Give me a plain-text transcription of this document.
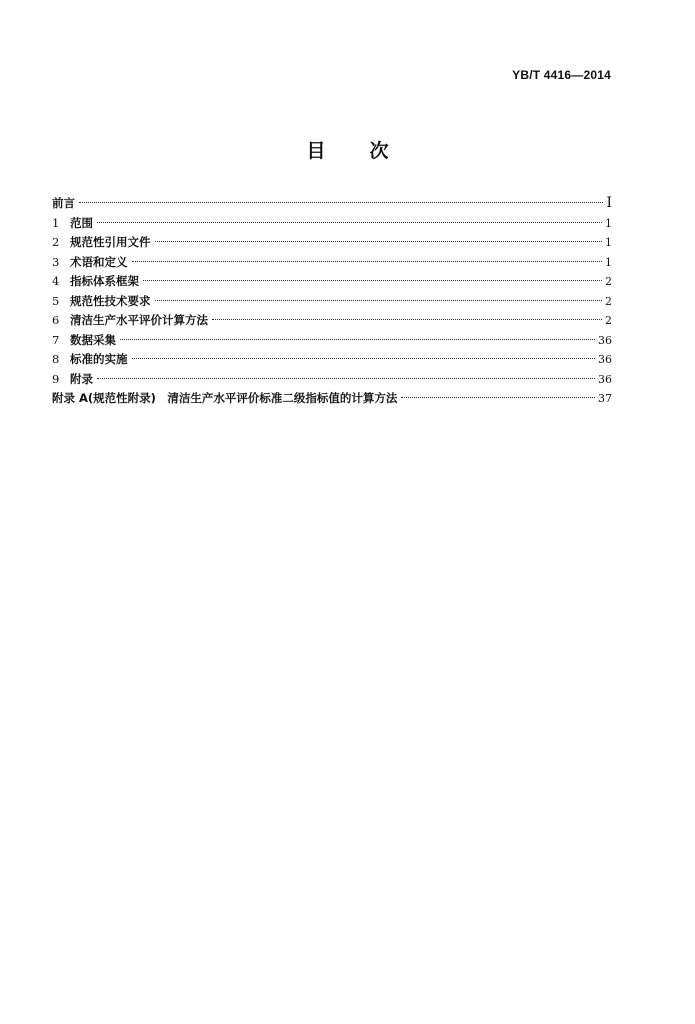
YB/T 4416—2014
目次
前言	Ⅰ
1 范围	1
2 规范性引用文件	1
3 术语和定义	1
4 指标体系框架	2
5 规范性技术要求	2
6 清洁生产水平评价计算方法	2
7 数据采集	36
8 标准的实施	36
9 附录	36
附录 A(规范性附录)　清洁生产水平评价标准二级指标值的计算方法	37
